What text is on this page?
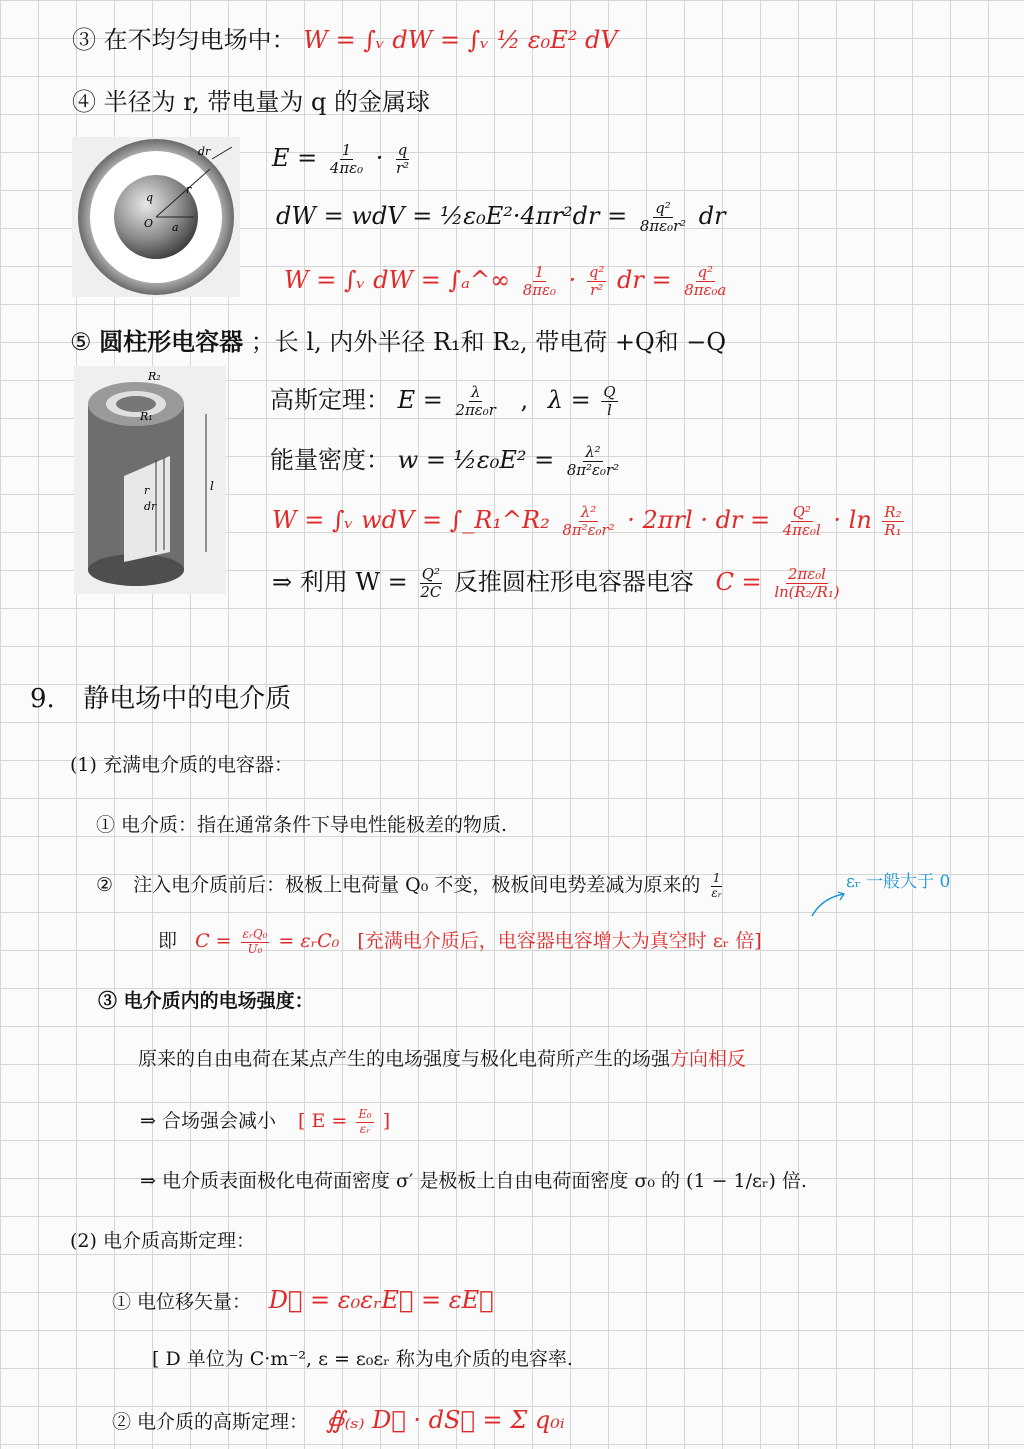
③ 在不均匀电场中： W = ∫ᵥ dW = ∫ᵥ ½ ε₀E² dV
④ 半径为 r, 带电量为 q 的金属球
dr
q
r
O a
$E = \frac{1}{\text{4πε₀}} \cdot \frac{q}{\text{r²}}$
dW = wdV = ½ε₀E²·4πr²dr = $\frac{\text{q²}}{\text{8πε₀r²}}$ dr
W = ∫ᵥ dW = ∫ₐ^∞ $\frac{1}{\text{8πε₀}} \cdot \frac{\text{q²}}{\text{r²}}$ dr = $\frac{\text{q²}}{\text{8πε₀a}}$
⑤ 圆柱形电容器 ；长 l, 内外半径 R₁和 R₂, 带电荷 +Q和 −Q
R₂
R₁
r
dr
l
高斯定理： $E = \frac{\lambda}{\text{2πε₀r}}$ , $\lambda = \frac{Q}{l}$
能量密度： w = ½ε₀E² = $\frac{\text{λ²}}{\text{8π²ε₀r²}}$
W = ∫ᵥ wdV = ∫_R₁^R₂ $\frac{\text{λ²}}{\text{8π²ε₀r²}} \cdot 2\pi rl$ · dr = $\frac{\text{Q²}}{\text{4πε₀l}} \cdot \ln \frac{\text{R₂}}{\text{R₁}}$
⇒ 利用 $W = \frac{\text{Q²}}{2C}$ 反推圆柱形电容器电容 $C = \frac{\text{2πε₀l}}{\text{ln(R₂/R₁)}}$
9. 静电场中的电介质
(1) 充满电介质的电容器：
① 电介质：指在通常条件下导电性能极差的物质.
② 注入电介质前后：极板上电荷量 Q₀ 不变，极板间电势差减为原来的 $\frac{1}{\text{εᵣ}}$	εᵣ 一般大于 0
即 $C = \frac{\text{εᵣQ₀}}{\text{U₀}}$ = εᵣC₀ [充满电介质后，电容器电容增大为真空时 εᵣ 倍]
③ 电介质内的电场强度：
原来的自由电荷在某点产生的电场强度与极化电荷所产生的场强方向相反
⇒ 合场强会减小 [ $E = \frac{\text{E₀}}{\text{εᵣ}}$ ]
⇒ 电介质表面极化电荷面密度 σ′ 是极板上自由电荷面密度 σ₀ 的 (1 − 1/εᵣ) 倍.
(2) 电介质高斯定理：
① 电位移矢量： D⃗ = ε₀εᵣE⃗ = εE⃗
[ D 单位为 C·m⁻², ε = ε₀εᵣ 称为电介质的电容率.
② 电介质的高斯定理： ∯₍ₛ₎ D⃗ · dS⃗ = Σ q₀ᵢ
